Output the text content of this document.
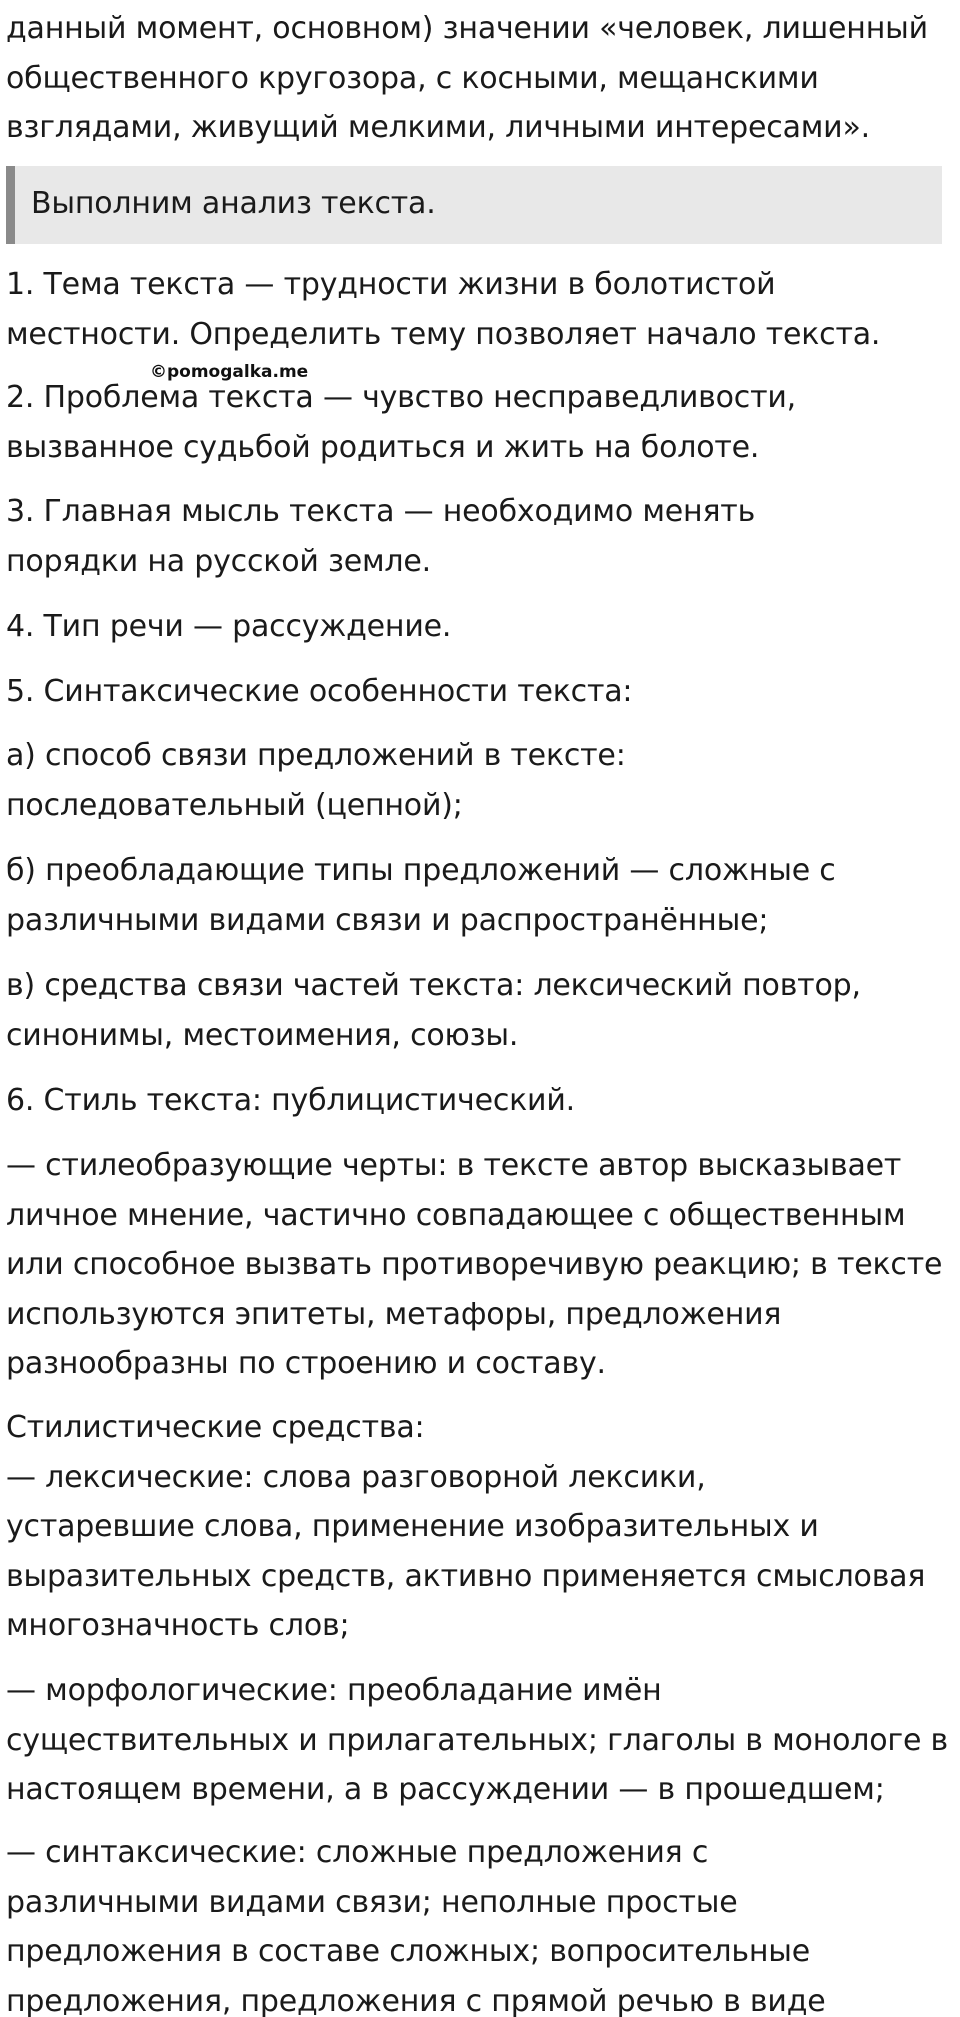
данный момент, основном) значении «человек, лишенный
общественного кругозора, с косными, мещанскими
взглядами, живущий мелкими, личными интересами».

Выполним анализ текста.

1. Тема текста — трудности жизни в болотистой
местности. Определить тему позволяет начало текста.

©pomogalka.me

2. Проблема текста — чувство несправедливости,
вызванное судьбой родиться и жить на болоте.

3. Главная мысль текста — необходимо менять
порядки на русской земле.

4. Тип речи — рассуждение.

5. Синтаксические особенности текста:

а) способ связи предложений в тексте:
последовательный (цепной);

б) преобладающие типы предложений — сложные с
различными видами связи и распространённые;

в) средства связи частей текста: лексический повтор,
синонимы, местоимения, союзы.

6. Стиль текста: публицистический.

— стилеобразующие черты: в тексте автор высказывает
личное мнение, частично совпадающее с общественным
или способное вызвать противоречивую реакцию; в тексте
используются эпитеты, метафоры, предложения
разнообразны по строению и составу.

Стилистические средства:
— лексические: слова разговорной лексики,
устаревшие слова, применение изобразительных и
выразительных средств, активно применяется смысловая
многозначность слов;

— морфологические: преобладание имён
существительных и прилагательных; глаголы в монологе в
настоящем времени, а в рассуждении — в прошедшем;

— синтаксические: сложные предложения с
различными видами связи; неполные простые
предложения в составе сложных; вопросительные
предложения, предложения с прямой речью в виде
